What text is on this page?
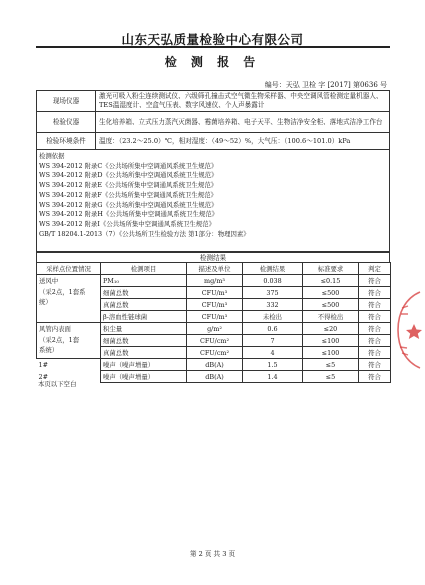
山东天弘质量检验中心有限公司
检 测 报 告
编号：天弘 卫检 字 [2017] 第0636 号
现场仪器	激光可吸入粉尘连续测试仪、六级筛孔撞击式空气微生物采样器、中央空调风管检测定量机器人、TES温湿度计、空盒气压表、数字风速仪、个人声暴露计
检验仪器	生化培养箱、立式压力蒸汽灭菌器、霉菌培养箱、电子天平、生物洁净安全柜、落地式洁净工作台
检验环境条件	温度：（23.2～25.0）℃，相对湿度：（49～52）%，大气压：（100.6～101.0）kPa
检测依据
WS 394-2012 附录C《公共场所集中空调通风系统卫生规范》
WS 394-2012 附录D《公共场所集中空调通风系统卫生规范》
WS 394-2012 附录E《公共场所集中空调通风系统卫生规范》
WS 394-2012 附录F《公共场所集中空调通风系统卫生规范》
WS 394-2012 附录G《公共场所集中空调通风系统卫生规范》
WS 394-2012 附录H《公共场所集中空调通风系统卫生规范》
WS 394-2012 附录I《公共场所集中空调通风系统卫生规范》
GB/T 18204.1-2013（7）《公共场所卫生检验方法 第1部分：物理因素》
检测结果
采样点位置情况	检测项目	描述及单位	检测结果	标准要求	判定

送风中
（采2点，1套系
统）	PM₁₀	mg/m³	0.038	≤0.15	符合
	细菌总数	CFU/m³	375	≤500	符合
	真菌总数	CFU/m³	332	≤500	符合
	β-溶血性链球菌	CFU/m³	未检出	不得检出	符合

风管内表面
（采2点，1套
系统）	积尘量	g/m²	0.6	≤20	符合
	细菌总数	CFU/cm²	7	≤100	符合
	真菌总数	CFU/cm²	4	≤100	符合
1#	噪声（噪声增量）	dB(A)	1.5	≤5	符合
2#	噪声（噪声增量）	dB(A)	1.4	≤5	符合
本页以下空白
第 2 页 共 3 页
